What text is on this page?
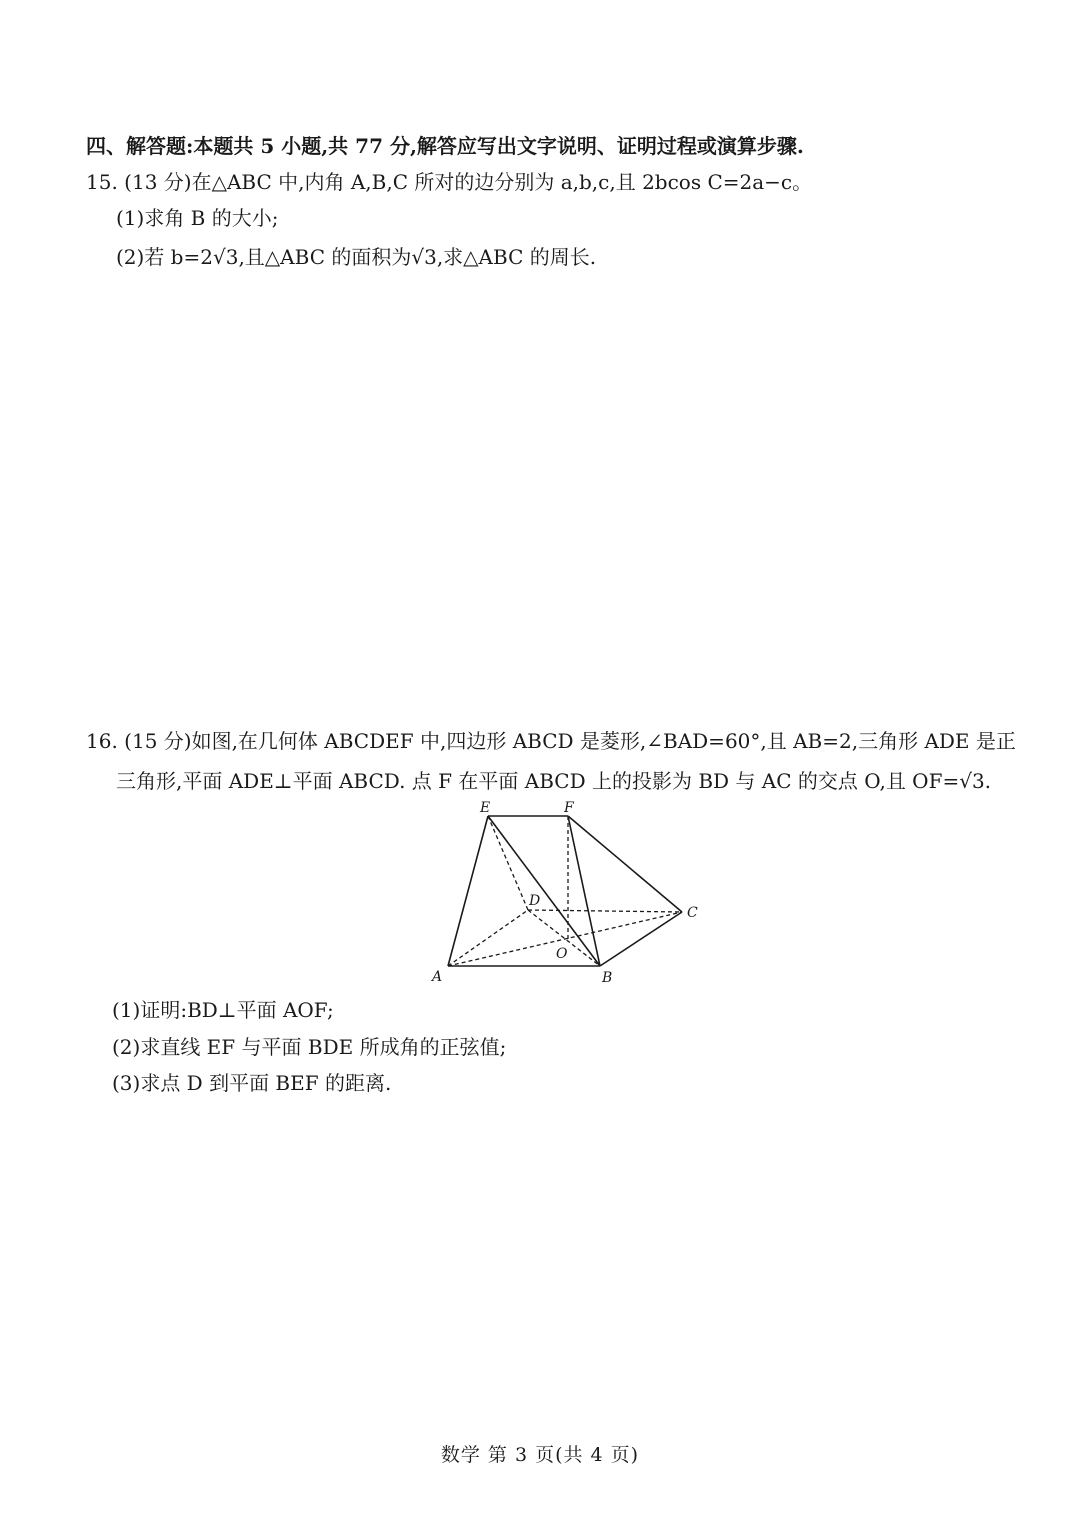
四、解答题:本题共 5 小题,共 77 分,解答应写出文字说明、证明过程或演算步骤.
15. (13 分)在△ABC 中,内角 A,B,C 所对的边分别为 a,b,c,且 2bcos C=2a−c。
(1)求角 B 的大小;
(2)若 b=2√3,且△ABC 的面积为√3,求△ABC 的周长.
16. (15 分)如图,在几何体 ABCDEF 中,四边形 ABCD 是菱形,∠BAD=60°,且 AB=2,三角形 ADE 是正
三角形,平面 ADE⊥平面 ABCD. 点 F 在平面 ABCD 上的投影为 BD 与 AC 的交点 O,且 OF=√3.
E	F
D
C
O
A	B
(1)证明:BD⊥平面 AOF;
(2)求直线 EF 与平面 BDE 所成角的正弦值;
(3)求点 D 到平面 BEF 的距离.
数学 第 3 页(共 4 页)
